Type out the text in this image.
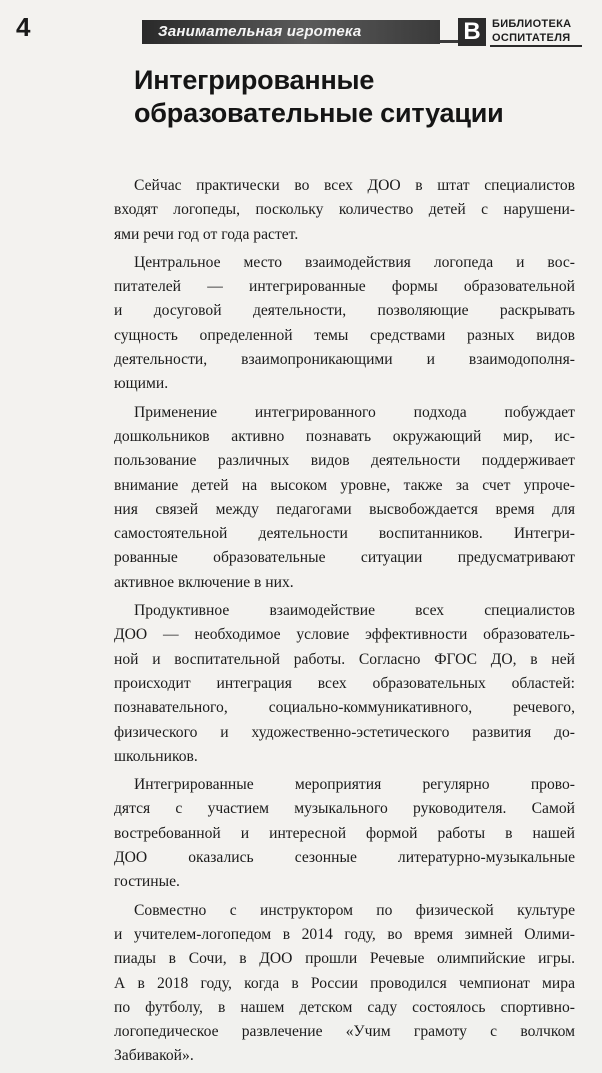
4	Занимательная игротека	В	БИБЛИОТЕКА
ОСПИТАТЕЛЯ
Интегрированные
образовательные ситуации
Сейчас практически во всех ДОО в штат специалистов
входят логопеды, поскольку количество детей с нарушени-
ями речи год от года растет.
Центральное место взаимодействия логопеда и вос-
питателей — интегрированные формы образовательной
и досуговой деятельности, позволяющие раскрывать
сущность определенной темы средствами разных видов
деятельности, взаимопроникающими и взаимодополня-
ющими.
Применение интегрированного подхода побуждает
дошкольников активно познавать окружающий мир, ис-
пользование различных видов деятельности поддерживает
внимание детей на высоком уровне, также за счет упроче-
ния связей между педагогами высвобождается время для
самостоятельной деятельности воспитанников. Интегри-
рованные образовательные ситуации предусматривают
активное включение в них.
Продуктивное взаимодействие всех специалистов
ДОО — необходимое условие эффективности образователь-
ной и воспитательной работы. Согласно ФГОС ДО, в ней
происходит интеграция всех образовательных областей:
познавательного, социально-коммуникативного, речевого,
физического и художественно-эстетического развития до-
школьников.
Интегрированные мероприятия регулярно прово-
дятся с участием музыкального руководителя. Самой
востребованной и интересной формой работы в нашей
ДОО оказались сезонные литературно-музыкальные
гостиные.
Совместно с инструктором по физической культуре
и учителем-логопедом в 2014 году, во время зимней Олими-
пиады в Сочи, в ДОО прошли Речевые олимпийские игры.
А в 2018 году, когда в России проводился чемпионат мира
по футболу, в нашем детском саду состоялось спортивно-
логопедическое развлечение «Учим грамоту с волчком
Забивакой».
